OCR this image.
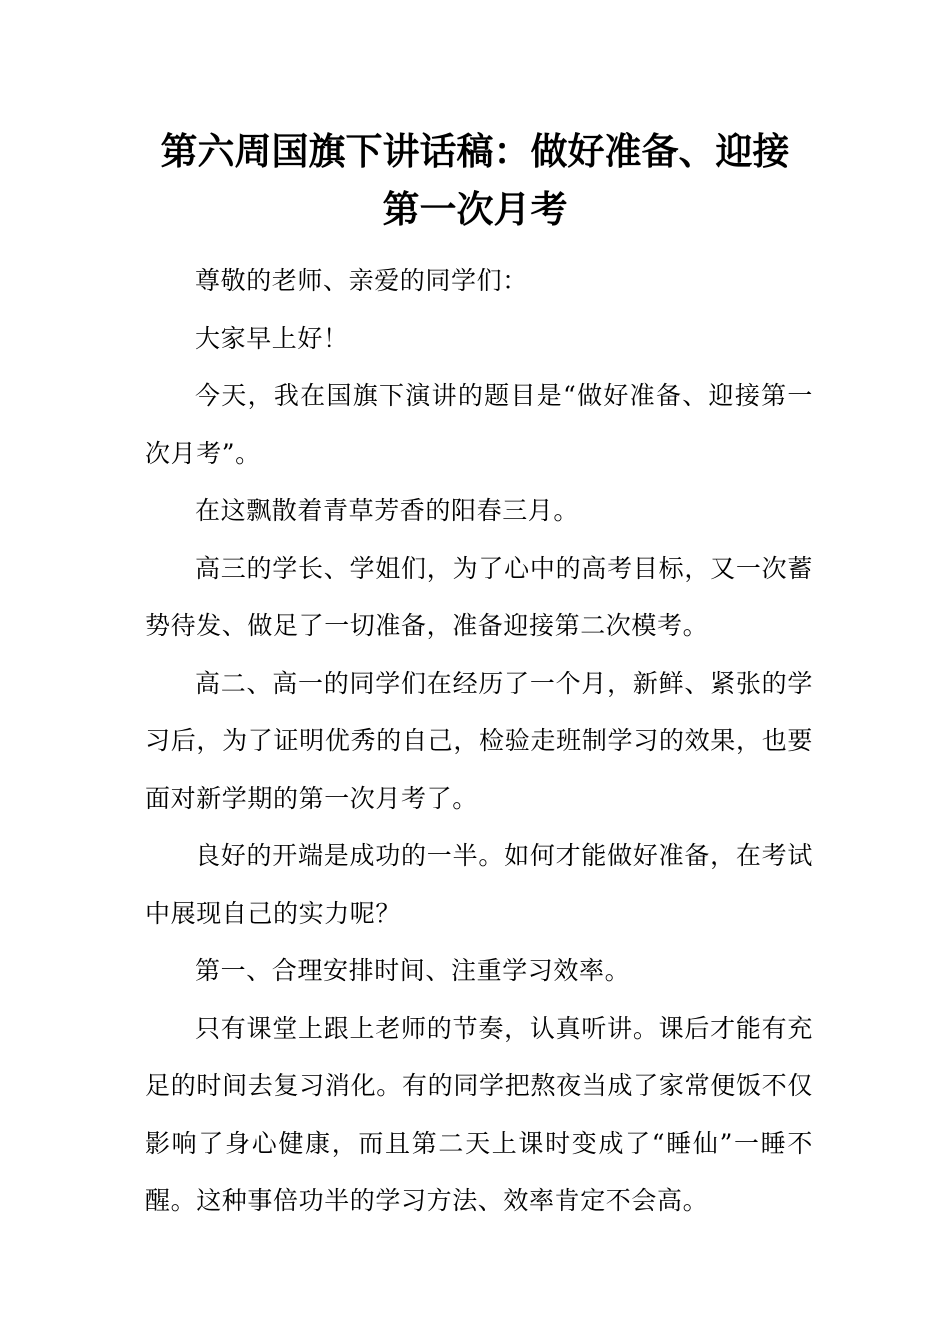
第六周国旗下讲话稿：做好准备、迎接
第一次月考

尊敬的老师、亲爱的同学们：

大家早上好！

今天，我在国旗下演讲的题目是“做好准备、迎接第一次月考”。

在这飘散着青草芳香的阳春三月。

高三的学长、学姐们，为了心中的高考目标，又一次蓄势待发、做足了一切准备，准备迎接第二次模考。

高二、高一的同学们在经历了一个月，新鲜、紧张的学习后，为了证明优秀的自己，检验走班制学习的效果，也要面对新学期的第一次月考了。

良好的开端是成功的一半。如何才能做好准备，在考试中展现自己的实力呢？

第一、合理安排时间、注重学习效率。

只有课堂上跟上老师的节奏，认真听讲。课后才能有充足的时间去复习消化。有的同学把熬夜当成了家常便饭不仅影响了身心健康，而且第二天上课时变成了“睡仙”一睡不醒。这种事倍功半的学习方法、效率肯定不会高。
